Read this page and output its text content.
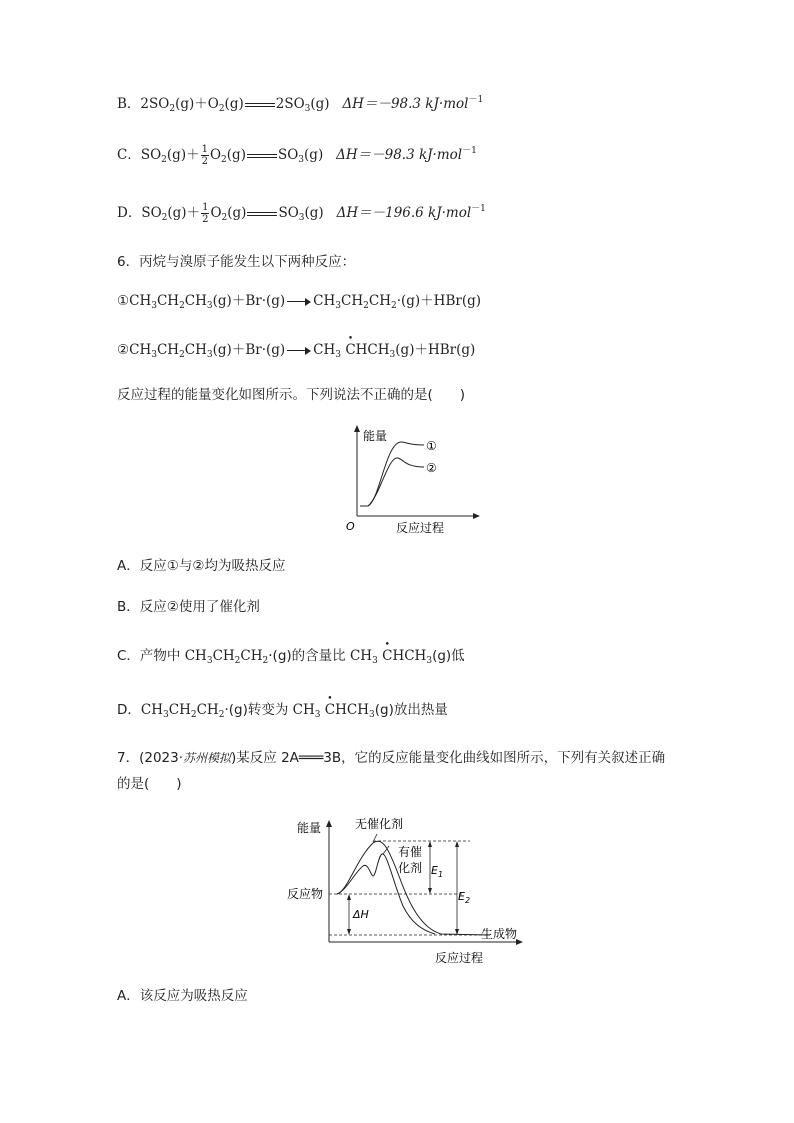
B．$2SO_2(g)+O_2(g)$ $2SO_3(g)$   ΔH＝－98.3 kJ·mol$^{-1}$
C．$SO_2(g)+ \frac{1}{2} O_2(g)$ $SO_3(g)$   ΔH＝－98.3 kJ·mol$^{-1}$
D．$SO_2(g)+ \frac{1}{2} O_2(g)$ $SO_3(g)$   ΔH＝－196.6 kJ·mol$^{-1}$
6．丙烷与溴原子能发生以下两种反应：
$①CH_3CH_2CH_3(g)+Br\cdot(g)$ $CH_3CH_2CH_2\cdot(g)+HBr(g)$
$②CH_3CH_2CH_3(g)+Br\cdot(g)$ $CH_3$ • $CHCH_3(g)+HBr(g)$
反应过程的能量变化如图所示。下列说法不正确的是(　　)
能量
①
②
O	反应过程
A．反应①与②均为吸热反应
B．反应②使用了催化剂
C．产物中 $CH_3CH_2CH_2\cdot(g)$的含量比 $CH_3$ • $CHCH_3(g)$低
D．$CH_3CH_2CH_2\cdot(g)$转变为 $CH_3$ • $CHCH_3(g)$放出热量
7．(2023·苏州模拟)某反应 2A═══3B，它的反应能量变化曲线如图所示，下列有关叙述正确
的是(　　)
能量	无催化剂
有催
化剂
反应物
ΔH
$E_1$
$E_2$
生成物
反应过程
A．该反应为吸热反应
